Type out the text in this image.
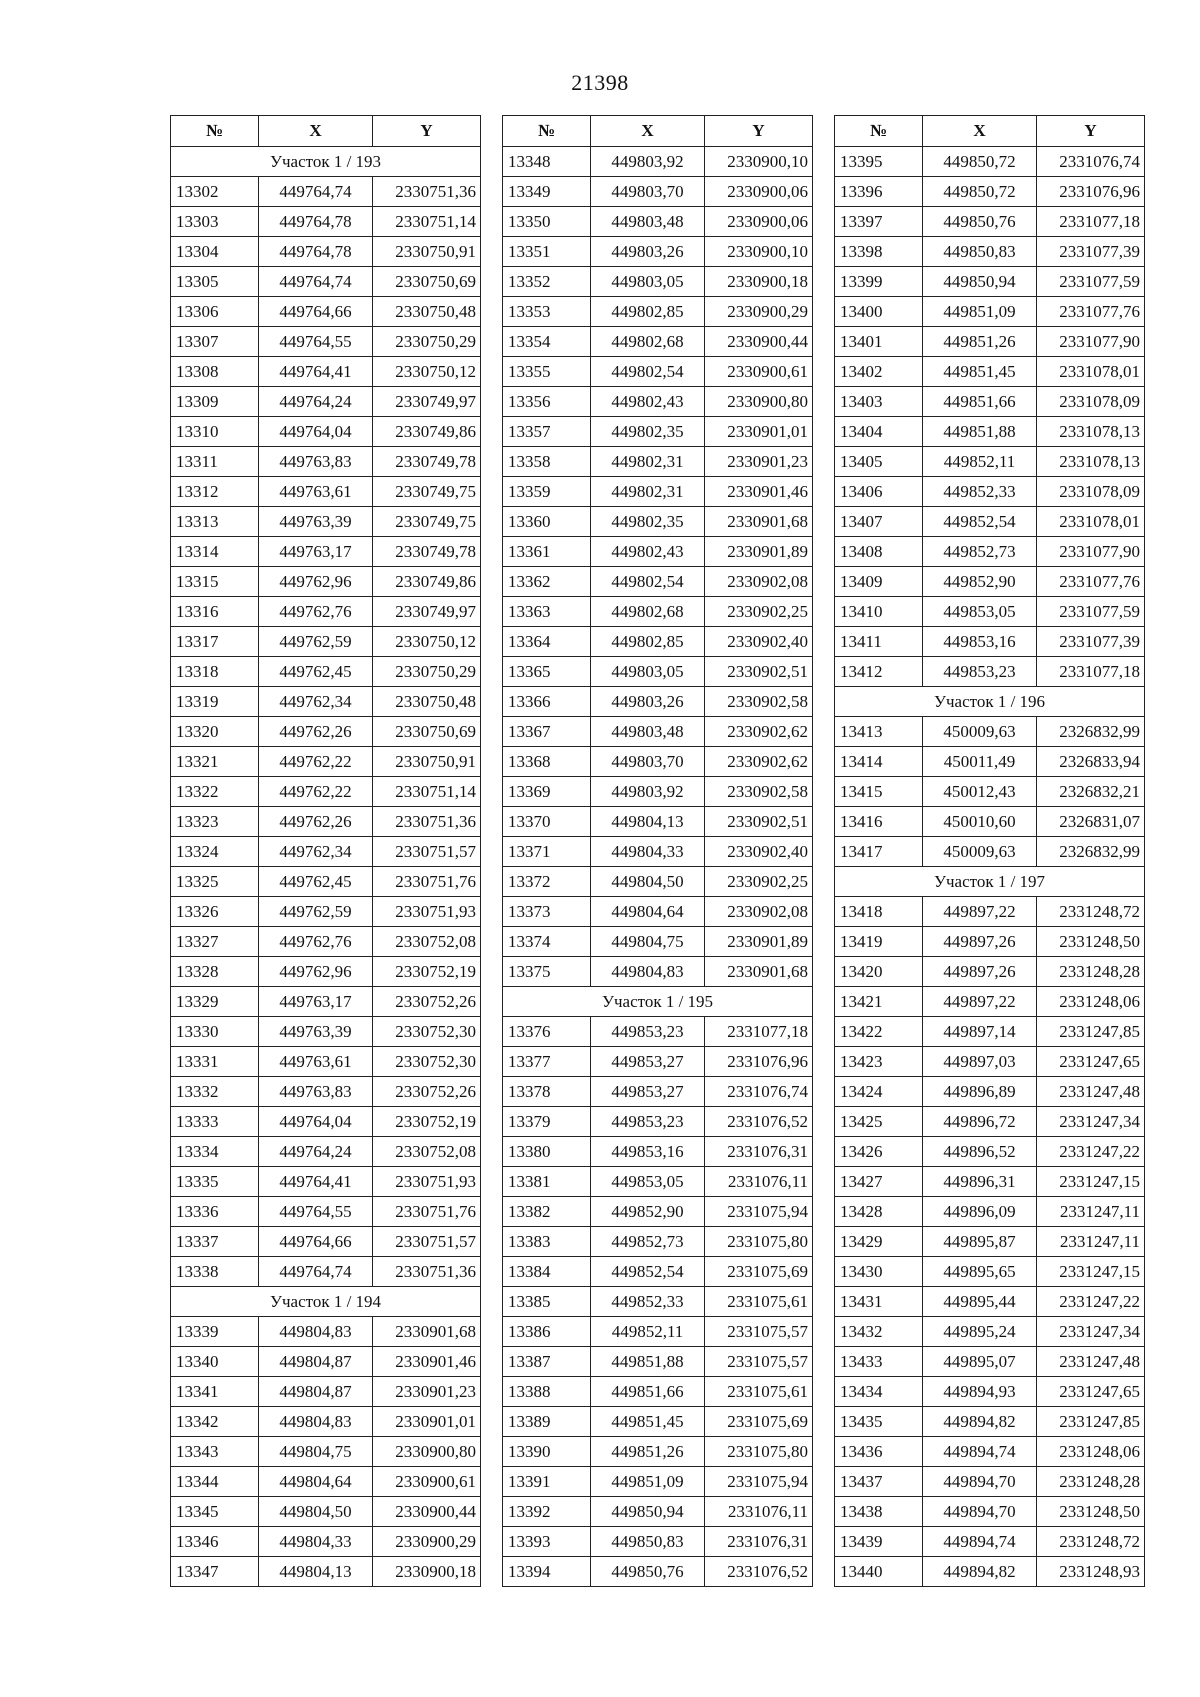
21398
№	X	Y
Участок 1 / 193		
13302	449764,74	2330751,36
13303	449764,78	2330751,14
13304	449764,78	2330750,91
13305	449764,74	2330750,69
13306	449764,66	2330750,48
13307	449764,55	2330750,29
13308	449764,41	2330750,12
13309	449764,24	2330749,97
13310	449764,04	2330749,86
13311	449763,83	2330749,78
13312	449763,61	2330749,75
13313	449763,39	2330749,75
13314	449763,17	2330749,78
13315	449762,96	2330749,86
13316	449762,76	2330749,97
13317	449762,59	2330750,12
13318	449762,45	2330750,29
13319	449762,34	2330750,48
13320	449762,26	2330750,69
13321	449762,22	2330750,91
13322	449762,22	2330751,14
13323	449762,26	2330751,36
13324	449762,34	2330751,57
13325	449762,45	2330751,76
13326	449762,59	2330751,93
13327	449762,76	2330752,08
13328	449762,96	2330752,19
13329	449763,17	2330752,26
13330	449763,39	2330752,30
13331	449763,61	2330752,30
13332	449763,83	2330752,26
13333	449764,04	2330752,19
13334	449764,24	2330752,08
13335	449764,41	2330751,93
13336	449764,55	2330751,76
13337	449764,66	2330751,57
13338	449764,74	2330751,36
Участок 1 / 194		
13339	449804,83	2330901,68
13340	449804,87	2330901,46
13341	449804,87	2330901,23
13342	449804,83	2330901,01
13343	449804,75	2330900,80
13344	449804,64	2330900,61
13345	449804,50	2330900,44
13346	449804,33	2330900,29
13347	449804,13	2330900,18
№	X	Y
13348	449803,92	2330900,10
13349	449803,70	2330900,06
13350	449803,48	2330900,06
13351	449803,26	2330900,10
13352	449803,05	2330900,18
13353	449802,85	2330900,29
13354	449802,68	2330900,44
13355	449802,54	2330900,61
13356	449802,43	2330900,80
13357	449802,35	2330901,01
13358	449802,31	2330901,23
13359	449802,31	2330901,46
13360	449802,35	2330901,68
13361	449802,43	2330901,89
13362	449802,54	2330902,08
13363	449802,68	2330902,25
13364	449802,85	2330902,40
13365	449803,05	2330902,51
13366	449803,26	2330902,58
13367	449803,48	2330902,62
13368	449803,70	2330902,62
13369	449803,92	2330902,58
13370	449804,13	2330902,51
13371	449804,33	2330902,40
13372	449804,50	2330902,25
13373	449804,64	2330902,08
13374	449804,75	2330901,89
13375	449804,83	2330901,68
Участок 1 / 195		
13376	449853,23	2331077,18
13377	449853,27	2331076,96
13378	449853,27	2331076,74
13379	449853,23	2331076,52
13380	449853,16	2331076,31
13381	449853,05	2331076,11
13382	449852,90	2331075,94
13383	449852,73	2331075,80
13384	449852,54	2331075,69
13385	449852,33	2331075,61
13386	449852,11	2331075,57
13387	449851,88	2331075,57
13388	449851,66	2331075,61
13389	449851,45	2331075,69
13390	449851,26	2331075,80
13391	449851,09	2331075,94
13392	449850,94	2331076,11
13393	449850,83	2331076,31
13394	449850,76	2331076,52
№	X	Y
13395	449850,72	2331076,74
13396	449850,72	2331076,96
13397	449850,76	2331077,18
13398	449850,83	2331077,39
13399	449850,94	2331077,59
13400	449851,09	2331077,76
13401	449851,26	2331077,90
13402	449851,45	2331078,01
13403	449851,66	2331078,09
13404	449851,88	2331078,13
13405	449852,11	2331078,13
13406	449852,33	2331078,09
13407	449852,54	2331078,01
13408	449852,73	2331077,90
13409	449852,90	2331077,76
13410	449853,05	2331077,59
13411	449853,16	2331077,39
13412	449853,23	2331077,18
Участок 1 / 196		
13413	450009,63	2326832,99
13414	450011,49	2326833,94
13415	450012,43	2326832,21
13416	450010,60	2326831,07
13417	450009,63	2326832,99
Участок 1 / 197		
13418	449897,22	2331248,72
13419	449897,26	2331248,50
13420	449897,26	2331248,28
13421	449897,22	2331248,06
13422	449897,14	2331247,85
13423	449897,03	2331247,65
13424	449896,89	2331247,48
13425	449896,72	2331247,34
13426	449896,52	2331247,22
13427	449896,31	2331247,15
13428	449896,09	2331247,11
13429	449895,87	2331247,11
13430	449895,65	2331247,15
13431	449895,44	2331247,22
13432	449895,24	2331247,34
13433	449895,07	2331247,48
13434	449894,93	2331247,65
13435	449894,82	2331247,85
13436	449894,74	2331248,06
13437	449894,70	2331248,28
13438	449894,70	2331248,50
13439	449894,74	2331248,72
13440	449894,82	2331248,93
